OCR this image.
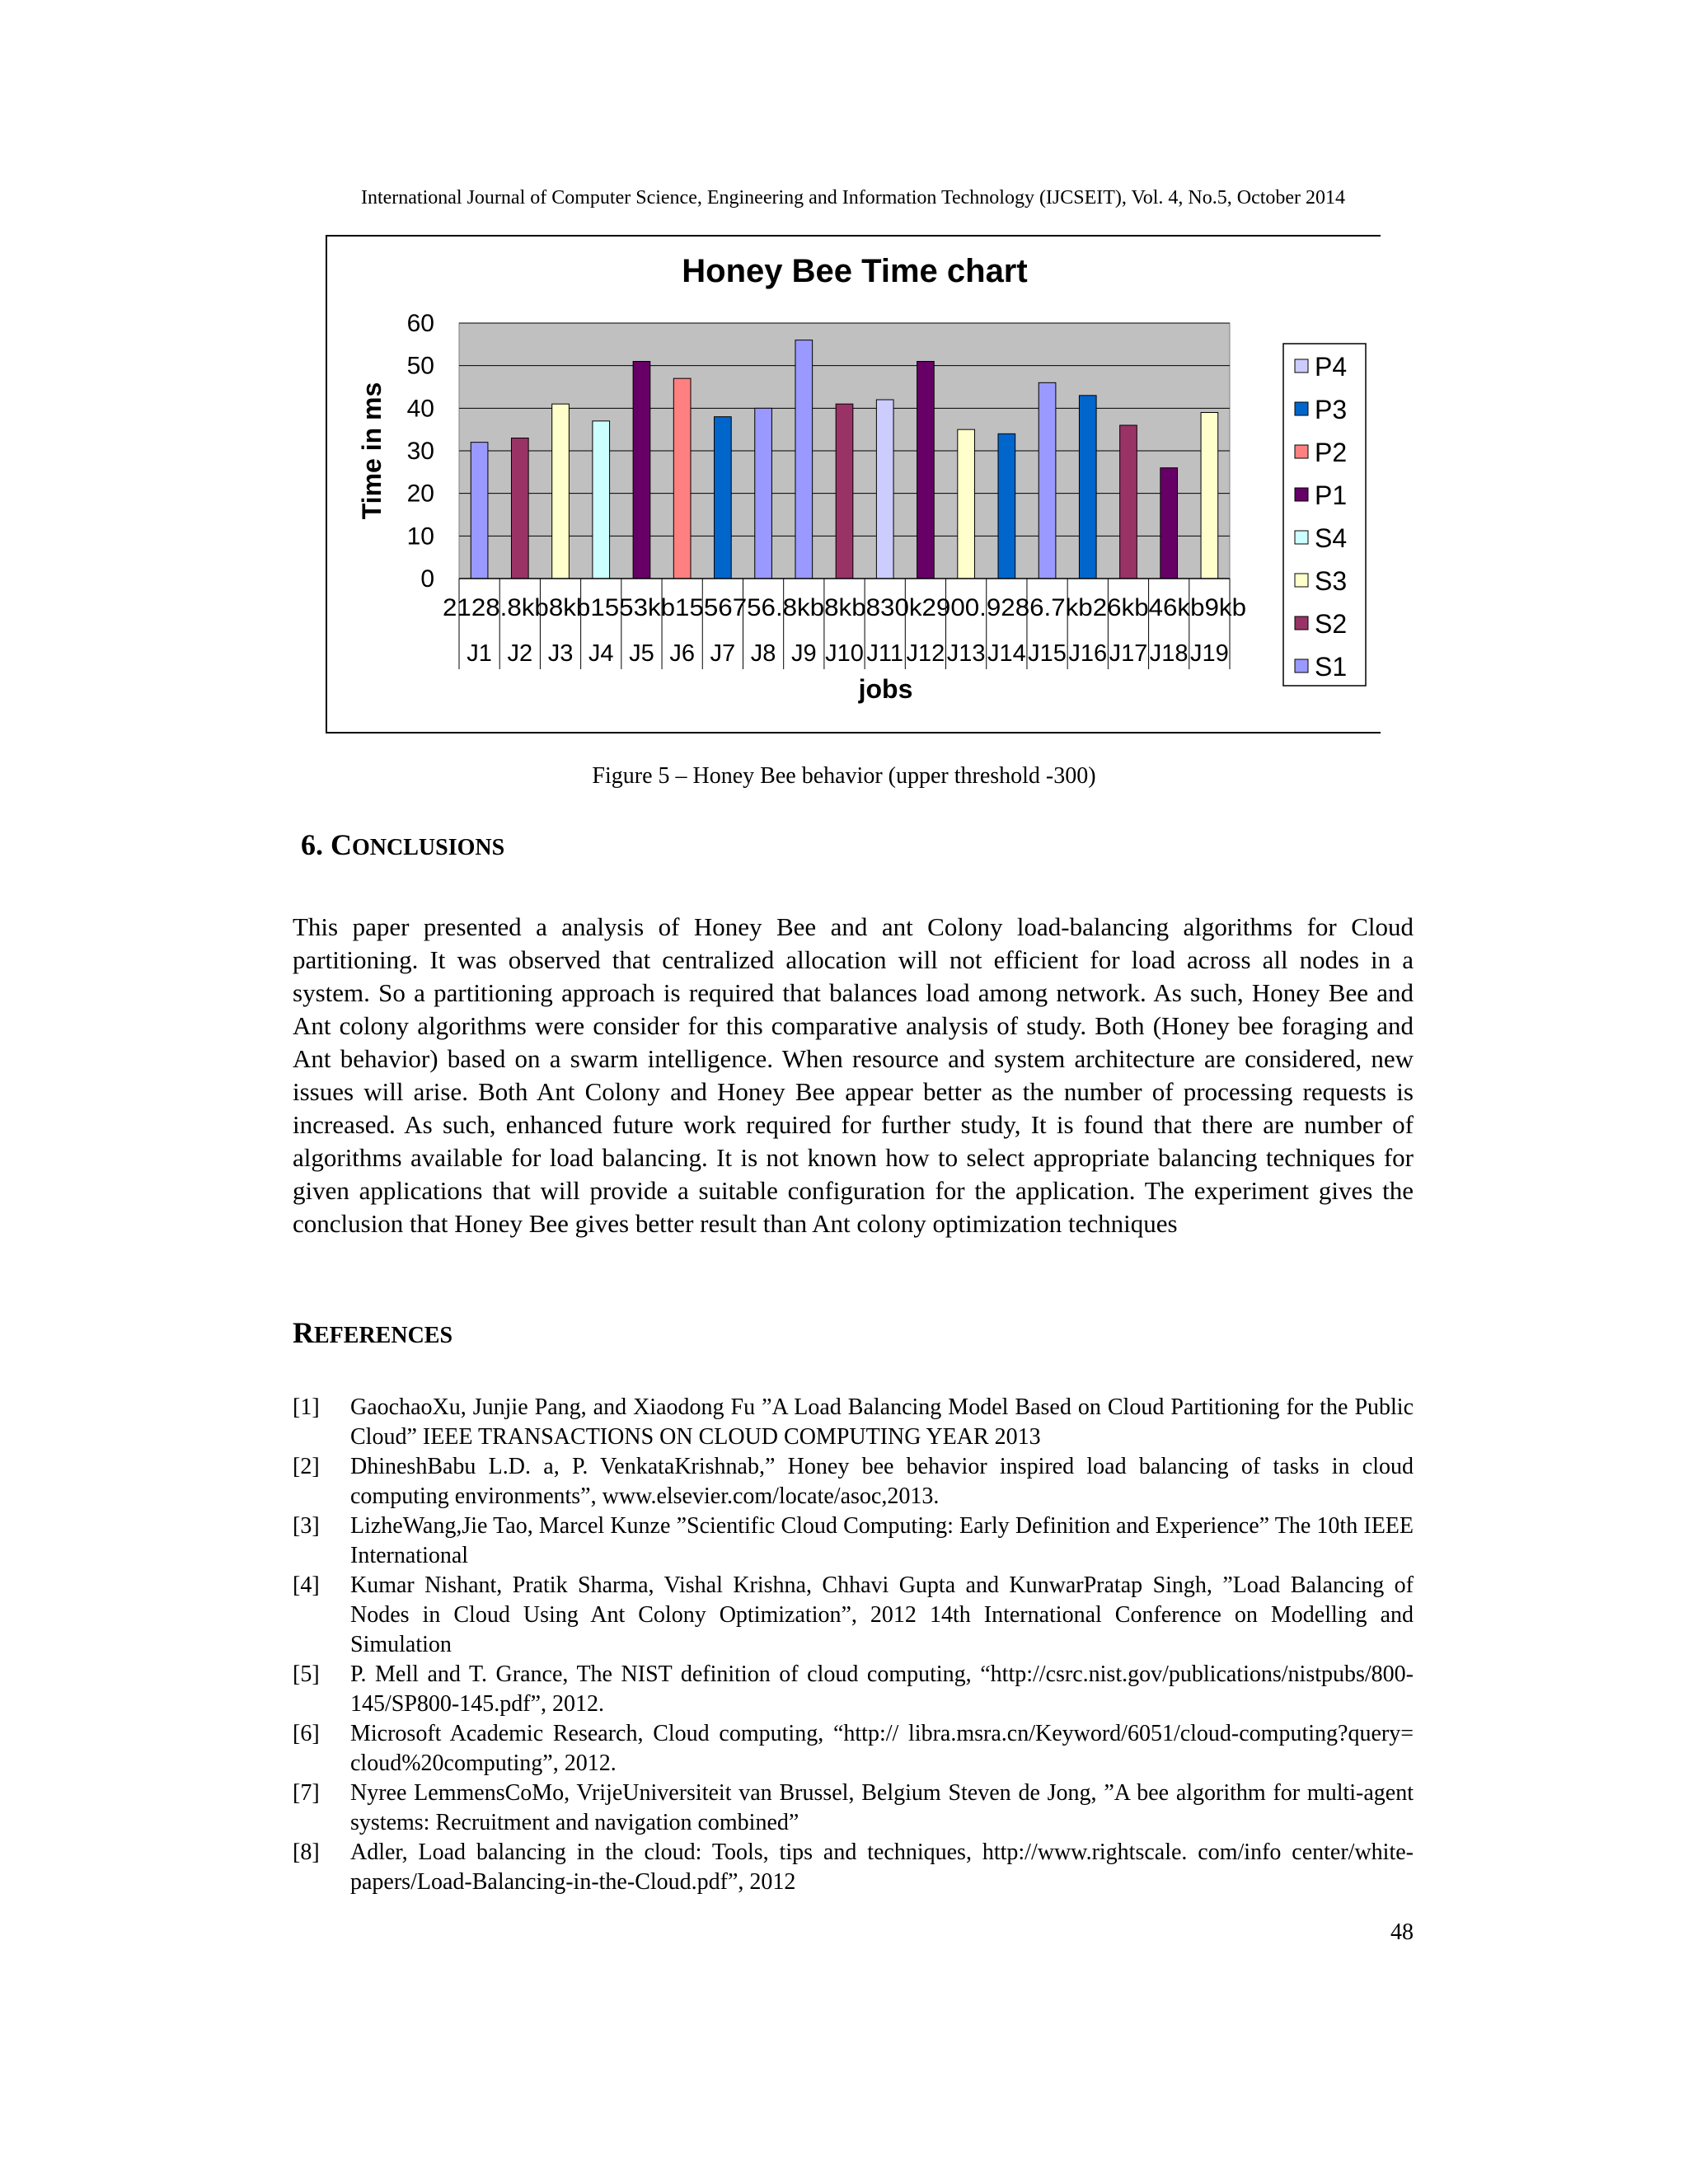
International Journal of Computer Science, Engineering and Information Technology (IJCSEIT), Vol. 4, No.5, October 2014
Honey Bee Time chart
0
10
20
30
40
50
60
Time in ms
2128.8kb8kb1553kb1556756.8kb8kb830k2900.9286.7kb26kb46kb9kb
J1 J2 J3 J4 J5 J6 J7 J8 J9 J10 J11 J12 J13 J14 J15 J16 J17 J18 J19
jobs
P4
P3
P2
P1
S4
S3
S2
S1
Figure 5 – Honey Bee behavior (upper threshold -300)
6. CONCLUSIONS
This paper presented a analysis of Honey Bee and ant Colony load-balancing algorithms for Cloud partitioning. It was observed that centralized allocation will not efficient for load across all nodes in a system. So a partitioning approach is required that balances load among network. As such, Honey Bee and Ant colony algorithms were consider for this comparative analysis of study. Both (Honey bee foraging and Ant behavior) based on a swarm intelligence. When resource and system architecture are considered, new issues will arise. Both Ant Colony and Honey Bee appear better as the number of processing requests is increased. As such, enhanced future work required for further study, It is found that there are number of algorithms available for load balancing. It is not known how to select appropriate balancing techniques for given applications that will provide a suitable configuration for the application. The experiment gives the conclusion that Honey Bee gives better result than Ant colony optimization techniques
REFERENCES
[1]	GaochaoXu, Junjie Pang, and Xiaodong Fu ”A Load Balancing Model Based on Cloud Partitioning for the Public Cloud” IEEE TRANSACTIONS ON CLOUD COMPUTING YEAR 2013
[2]	DhineshBabu L.D. a, P. VenkataKrishnab,” Honey bee behavior inspired load balancing of tasks in cloud computing environments”, www.elsevier.com/locate/asoc,2013.
[3]	LizheWang,Jie Tao, Marcel Kunze ”Scientific Cloud Computing: Early Definition and Experience” The 10th IEEE International
[4]	Kumar Nishant, Pratik Sharma, Vishal Krishna, Chhavi Gupta and KunwarPratap Singh, ”Load Balancing of Nodes in Cloud Using Ant Colony Optimization”, 2012 14th International Conference on Modelling and Simulation
[5]	P. Mell and T. Grance, The NIST definition of cloud computing, “http://csrc.nist.gov/publications/nistpubs/800-145/SP800-145.pdf”, 2012.
[6]	Microsoft Academic Research, Cloud computing, “http:// libra.msra.cn/Keyword/6051/cloud-computing?query= cloud%20computing”, 2012.
[7]	Nyree LemmensCoMo, VrijeUniversiteit van Brussel, Belgium Steven de Jong, ”A bee algorithm for multi-agent systems: Recruitment and navigation combined”
[8]	Adler, Load balancing in the cloud: Tools, tips and techniques, http://www.rightscale. com/info center/white-papers/Load-Balancing-in-the-Cloud.pdf”, 2012
48
